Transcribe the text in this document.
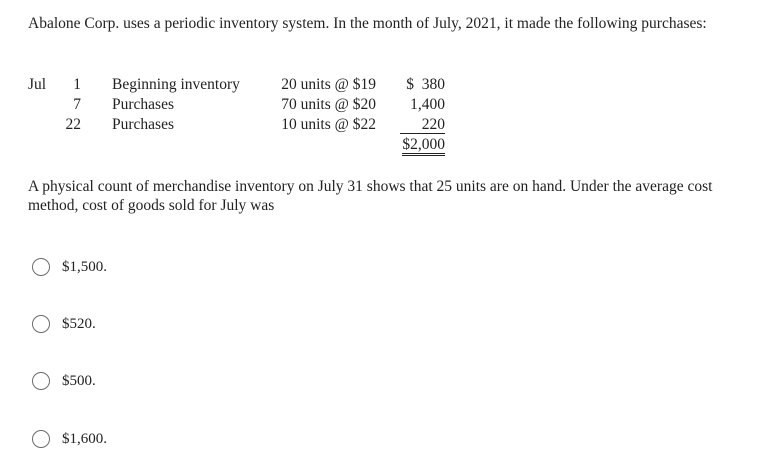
Abalone Corp. uses a periodic inventory system. In the month of July, 2021, it made the following purchases:
Jul	1 Beginning inventory	20 units @ $19	$  380
7 Purchases	70 units @ $20	1,400
22 Purchases	10 units @ $22	220
$2,000
A physical count of merchandise inventory on July 31 shows that 25 units are on hand. Under the average cost method, cost of goods sold for July was
$1,500.
$520.
$500.
$1,600.
